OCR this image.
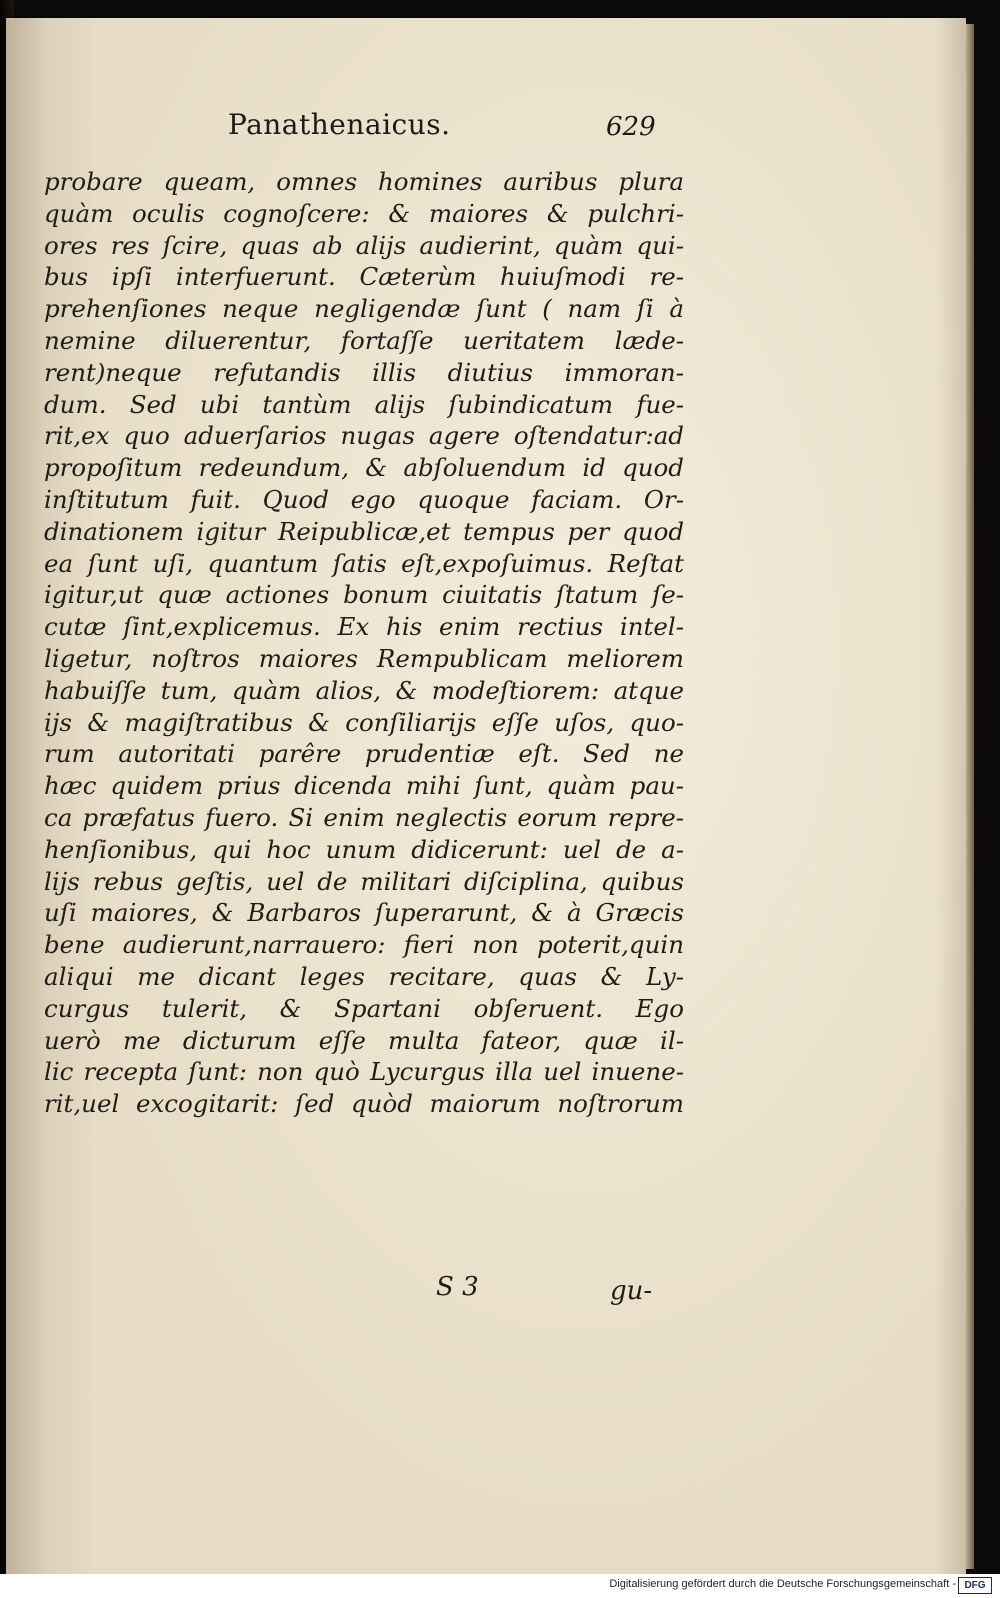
Panathenaicus.	629
probare queam, omnes homines auribus plura
quàm oculis cognoſcere: & maiores & pulchri-
ores res ſcire, quas ab aliјs audierint, quàm qui-
bus ipſi interfuerunt. Cæterùm huiuſmodi re-
prehenſiones neque negligendæ ſunt ( nam ſi à
nemine diluerentur, fortaſſe ueritatem læde-
rent)neque refutandis illis diutius immoran-
dum. Sed ubi tantùm aliјs ſubindicatum fue-
rit,ex quo aduerſarios nugas agere oſtendatur:ad
propoſitum redeundum, & abſoluendum id quod
inſtitutum fuit. Quod ego quoque faciam. Or-
dinationem igitur Reipublicæ,et tempus per quod
ea ſunt uſi, quantum ſatis eſt,expoſuimus. Reſtat
igitur,ut quæ actiones bonum ciuitatis ſtatum ſe-
cutæ ſint,explicemus. Ex his enim rectius intel-
ligetur, noſtros maiores Rempublicam meliorem
habuiſſe tum, quàm alios, & modeſtiorem: atque
iјs & magiſtratibus & conſiliariјs eſſe uſos, quo-
rum autoritati parêre prudentiæ eſt. Sed ne
hæc quidem prius dicenda mihi ſunt, quàm pau-
ca præfatus fuero. Si enim neglectis eorum repre-
henſionibus, qui hoc unum didicerunt: uel de a-
liјs rebus geſtis, uel de militari diſciplina, quibus
uſi maiores, & Barbaros ſuperarunt, & à Græcis
bene audierunt,narrauero: fieri non poterit,quin
aliqui me dicant leges recitare, quas & Ly-
curgus tulerit, & Spartani obſeruent. Ego
uerò me dicturum eſſe multa fateor, quæ il-
lic recepta ſunt: non quò Lycurgus illa uel inuene-
rit,uel excogitarit: ſed quòd maiorum noſtrorum
S 3	gu-
Digitalisierung gefördert durch die Deutsche Forschungsgemeinschaft - DFG
